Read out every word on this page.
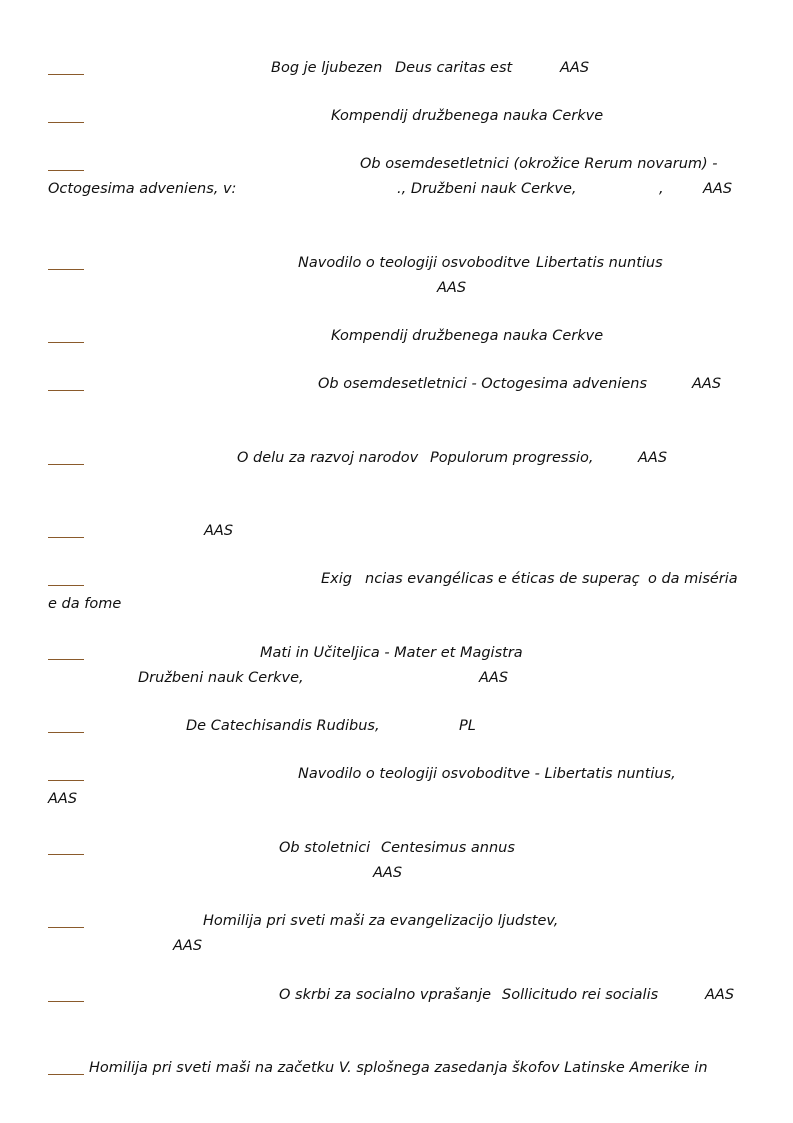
Bog je ljubezen Deus caritas est	AAS
Kompendij družbenega nauka Cerkve
Ob osemdesetletnici (okrožice Rerum novarum) -
Octogesima adveniens, v:	., Družbeni nauk Cerkve,	,	AAS
Navodilo o teologiji osvoboditve Libertatis nuntius
AAS
Kompendij družbenega nauka Cerkve
Ob osemdesetletnici - Octogesima adveniens	AAS
O delu za razvoj narodov Populorum progressio,	AAS
AAS
Exig ncias evangélicas e éticas de superaç o da miséria
e da fome
Mati in Učiteljica - Mater et Magistra
Družbeni nauk Cerkve,	AAS
De Catechisandis Rudibus,	PL
Navodilo o teologiji osvoboditve - Libertatis nuntius,
AAS
Ob stoletnici Centesimus annus
AAS
Homilija pri sveti maši za evangelizacijo ljudstev,
AAS
O skrbi za socialno vprašanje Sollicitudo rei socialis	AAS
Homilija pri sveti maši na začetku V. splošnega zasedanja škofov Latinske Amerike in
